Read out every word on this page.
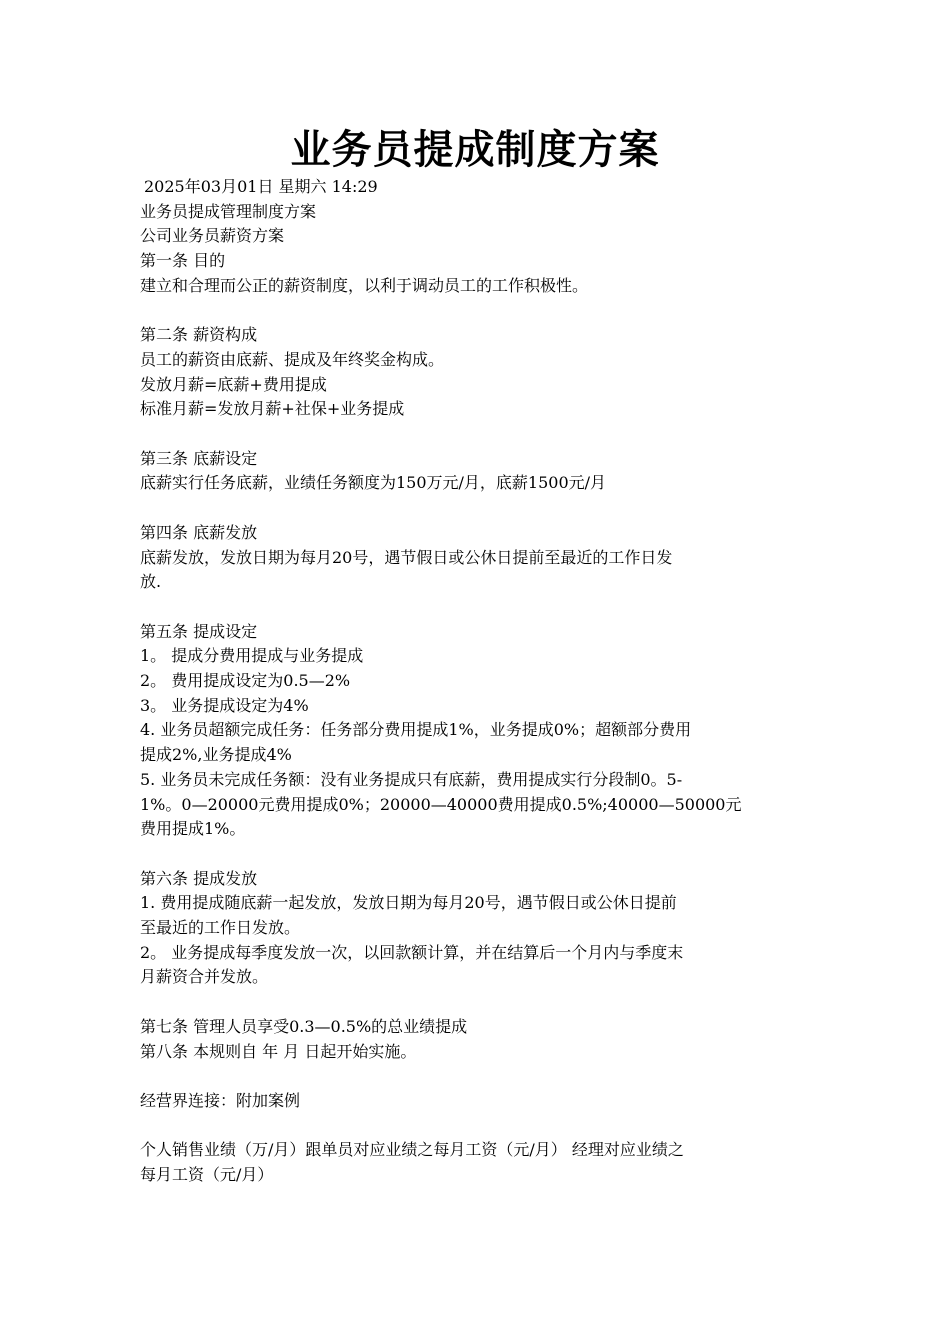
业务员提成制度方案
2025年03月01日 星期六 14:29
业务员提成管理制度方案
公司业务员薪资方案
第一条 目的
建立和合理而公正的薪资制度，以利于调动员工的工作积极性。
第二条 薪资构成
员工的薪资由底薪、提成及年终奖金构成。
发放月薪=底薪+费用提成
标准月薪=发放月薪+社保+业务提成
第三条 底薪设定
底薪实行任务底薪，业绩任务额度为150万元/月，底薪1500元/月
第四条 底薪发放
底薪发放，发放日期为每月20号，遇节假日或公休日提前至最近的工作日发
放.
第五条 提成设定
1。 提成分费用提成与业务提成
2。 费用提成设定为0.5—2%
3。 业务提成设定为4%
4. 业务员超额完成任务：任务部分费用提成1%，业务提成0%；超额部分费用
提成2%,业务提成4%
5. 业务员未完成任务额：没有业务提成只有底薪，费用提成实行分段制0。5-
1%。0—20000元费用提成0%；20000—40000费用提成0.5%;40000—50000元
费用提成1%。
第六条 提成发放
1. 费用提成随底薪一起发放，发放日期为每月20号，遇节假日或公休日提前
至最近的工作日发放。
2。 业务提成每季度发放一次，以回款额计算，并在结算后一个月内与季度末
月薪资合并发放。
第七条 管理人员享受0.3—0.5%的总业绩提成
第八条 本规则自 年 月 日起开始实施。
经营界连接：附加案例
个人销售业绩（万/月）跟单员对应业绩之每月工资（元/月） 经理对应业绩之
每月工资（元/月）
